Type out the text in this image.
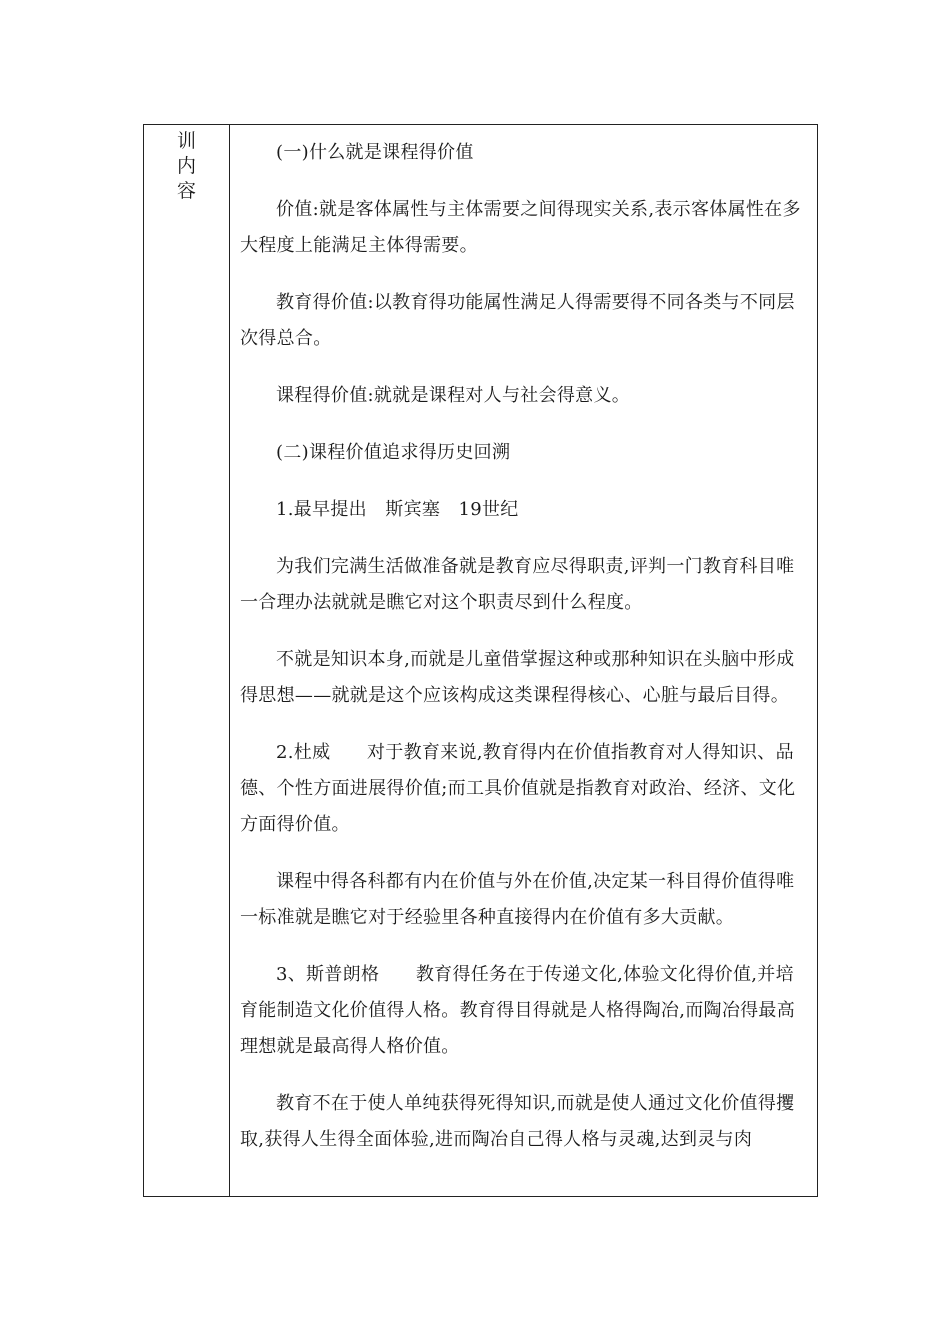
训
内
容

(一)什么就是课程得价值

价值:就是客体属性与主体需要之间得现实关系,表示客体属性在多大程度上能满足主体得需要。

教育得价值:以教育得功能属性满足人得需要得不同各类与不同层次得总合。

课程得价值:就就是课程对人与社会得意义。

(二)课程价值追求得历史回溯

1.最早提出　斯宾塞　19世纪

为我们完满生活做准备就是教育应尽得职责,评判一门教育科目唯一合理办法就就是瞧它对这个职责尽到什么程度。

不就是知识本身,而就是儿童借掌握这种或那种知识在头脑中形成得思想——就就是这个应该构成这类课程得核心、心脏与最后目得。

2.杜威　　对于教育来说,教育得内在价值指教育对人得知识、品德、个性方面进展得价值;而工具价值就是指教育对政治、经济、文化方面得价值。

课程中得各科都有内在价值与外在价值,决定某一科目得价值得唯一标准就是瞧它对于经验里各种直接得内在价值有多大贡献。

3、斯普朗格　　教育得任务在于传递文化,体验文化得价值,并培育能制造文化价值得人格。教育得目得就是人格得陶冶,而陶冶得最高理想就是最高得人格价值。

教育不在于使人单纯获得死得知识,而就是使人通过文化价值得攫取,获得人生得全面体验,进而陶冶自己得人格与灵魂,达到灵与肉
